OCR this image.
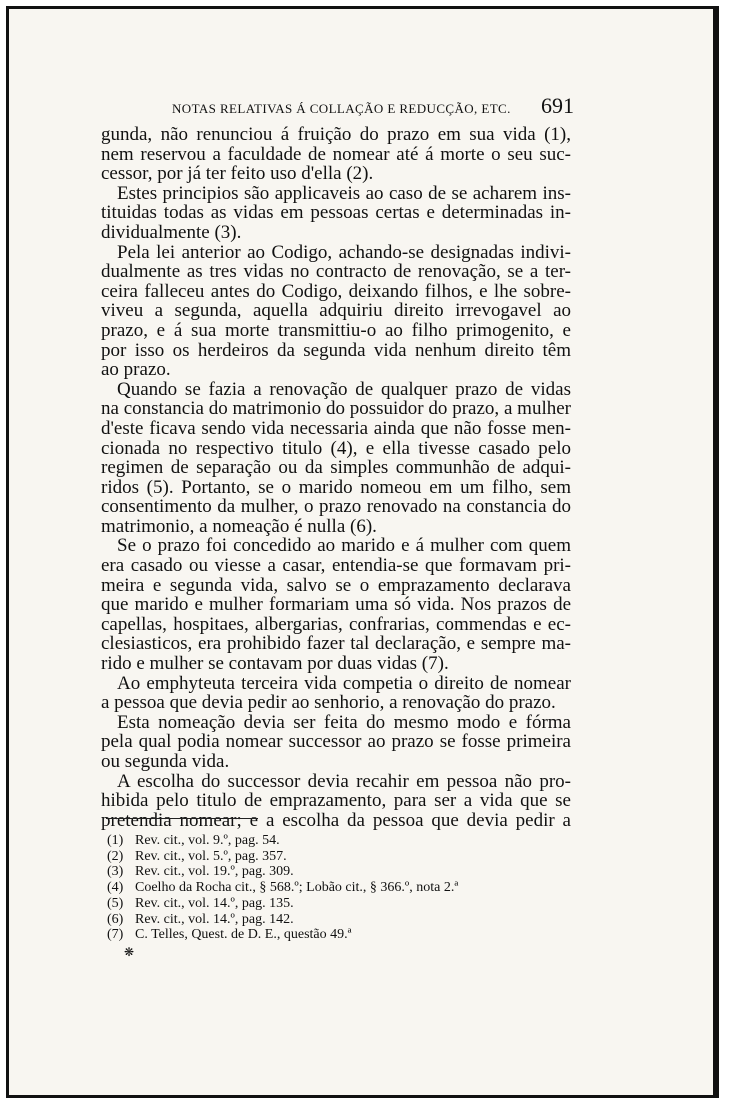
NOTAS RELATIVAS Á COLLAÇÃO E REDUCÇÃO, ETC.	691
gunda, não renunciou á fruição do prazo em sua vida (1),
nem reservou a faculdade de nomear até á morte o seu suc-
cessor, por já ter feito uso d'ella (2).
Estes principios são applicaveis ao caso de se acharem ins-
tituidas todas as vidas em pessoas certas e determinadas in-
dividualmente (3).
Pela lei anterior ao Codigo, achando-se designadas indivi-
dualmente as tres vidas no contracto de renovação, se a ter-
ceira falleceu antes do Codigo, deixando filhos, e lhe sobre-
viveu a segunda, aquella adquiriu direito irrevogavel ao
prazo, e á sua morte transmittiu-o ao filho primogenito, e
por isso os herdeiros da segunda vida nenhum direito têm
ao prazo.
Quando se fazia a renovação de qualquer prazo de vidas
na constancia do matrimonio do possuidor do prazo, a mulher
d'este ficava sendo vida necessaria ainda que não fosse men-
cionada no respectivo titulo (4), e ella tivesse casado pelo
regimen de separação ou da simples communhão de adqui-
ridos (5). Portanto, se o marido nomeou em um filho, sem
consentimento da mulher, o prazo renovado na constancia do
matrimonio, a nomeação é nulla (6).
Se o prazo foi concedido ao marido e á mulher com quem
era casado ou viesse a casar, entendia-se que formavam pri-
meira e segunda vida, salvo se o emprazamento declarava
que marido e mulher formariam uma só vida. Nos prazos de
capellas, hospitaes, albergarias, confrarias, commendas e ec-
clesiasticos, era prohibido fazer tal declaração, e sempre ma-
rido e mulher se contavam por duas vidas (7).
Ao emphyteuta terceira vida competia o direito de nomear
a pessoa que devia pedir ao senhorio, a renovação do prazo.
Esta nomeação devia ser feita do mesmo modo e fórma
pela qual podia nomear successor ao prazo se fosse primeira
ou segunda vida.
A escolha do successor devia recahir em pessoa não pro-
hibida pelo titulo de emprazamento, para ser a vida que se
pretendia nomear; e a escolha da pessoa que devia pedir a
(1) Rev. cit., vol. 9.º, pag. 54.
(2) Rev. cit., vol. 5.º, pag. 357.
(3) Rev. cit., vol. 19.º, pag. 309.
(4) Coelho da Rocha cit., § 568.º; Lobão cit., § 366.º, nota 2.ª
(5) Rev. cit., vol. 14.º, pag. 135.
(6) Rev. cit., vol. 14.º, pag. 142.
(7) C. Telles, Quest. de D. E., questão 49.ª
❋
